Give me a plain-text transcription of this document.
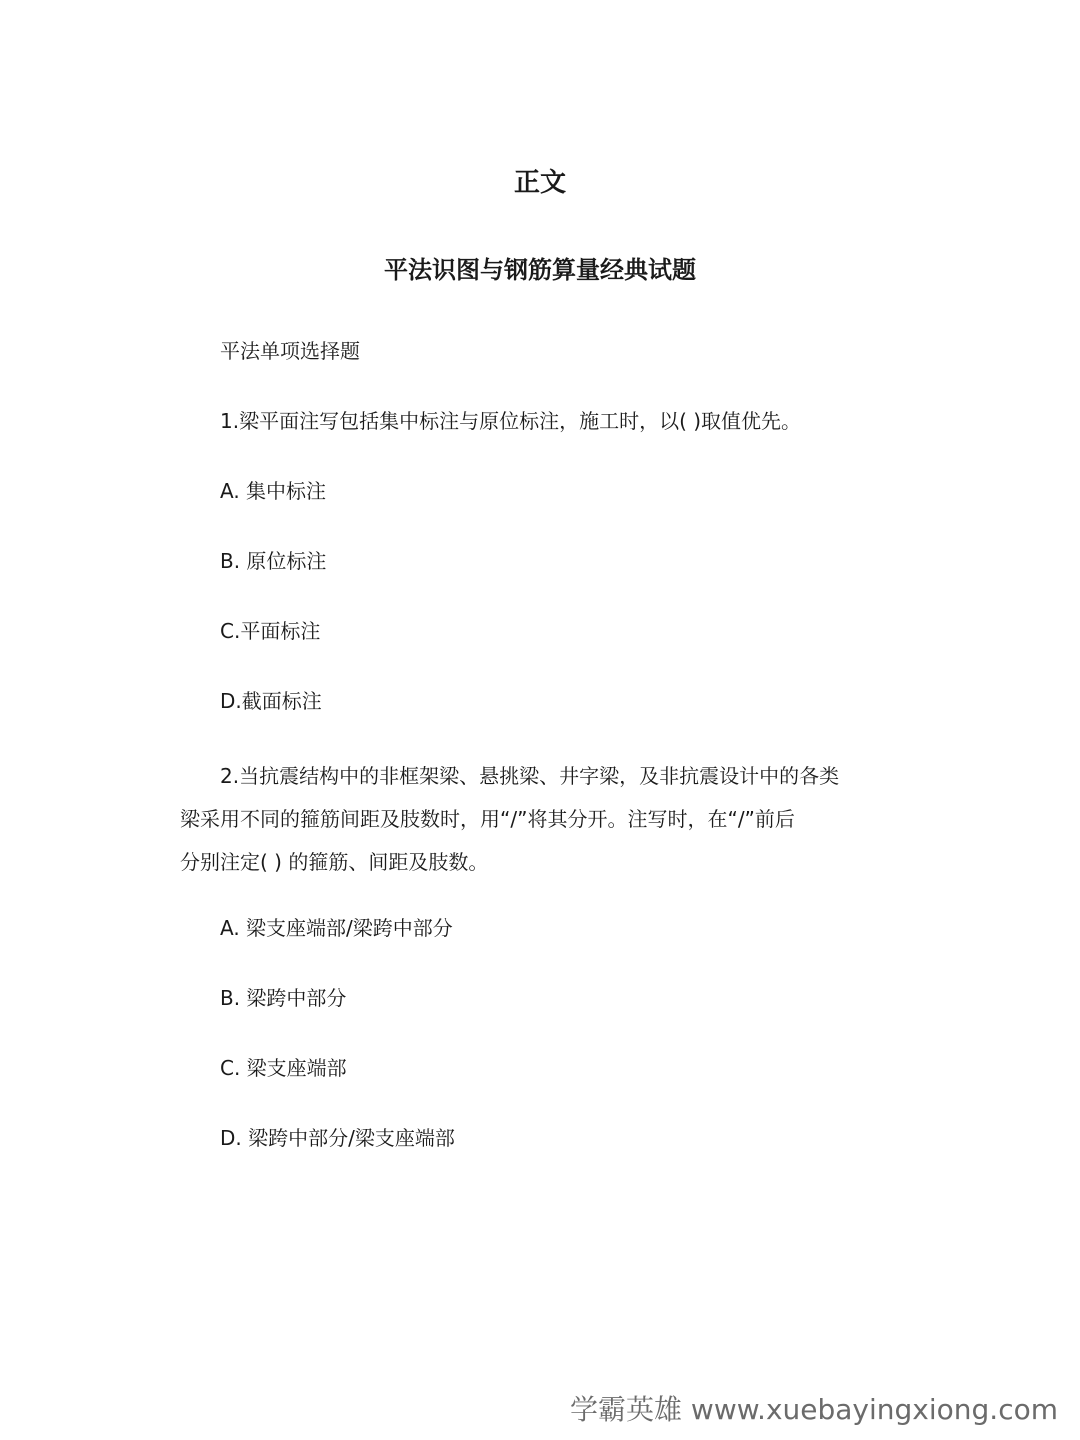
正文
平法识图与钢筋算量经典试题
平法单项选择题
1.梁平面注写包括集中标注与原位标注，施工时，以( )取值优先。
A. 集中标注
B. 原位标注
C.平面标注
D.截面标注
2.当抗震结构中的非框架梁、悬挑梁、井字梁，及非抗震设计中的各类
梁采用不同的箍筋间距及肢数时，用“/”将其分开。注写时，在“/”前后
分别注定( ) 的箍筋、间距及肢数。
A. 梁支座端部/梁跨中部分
B. 梁跨中部分
C. 梁支座端部
D. 梁跨中部分/梁支座端部
学霸英雄 www.xuebayingxiong.com
